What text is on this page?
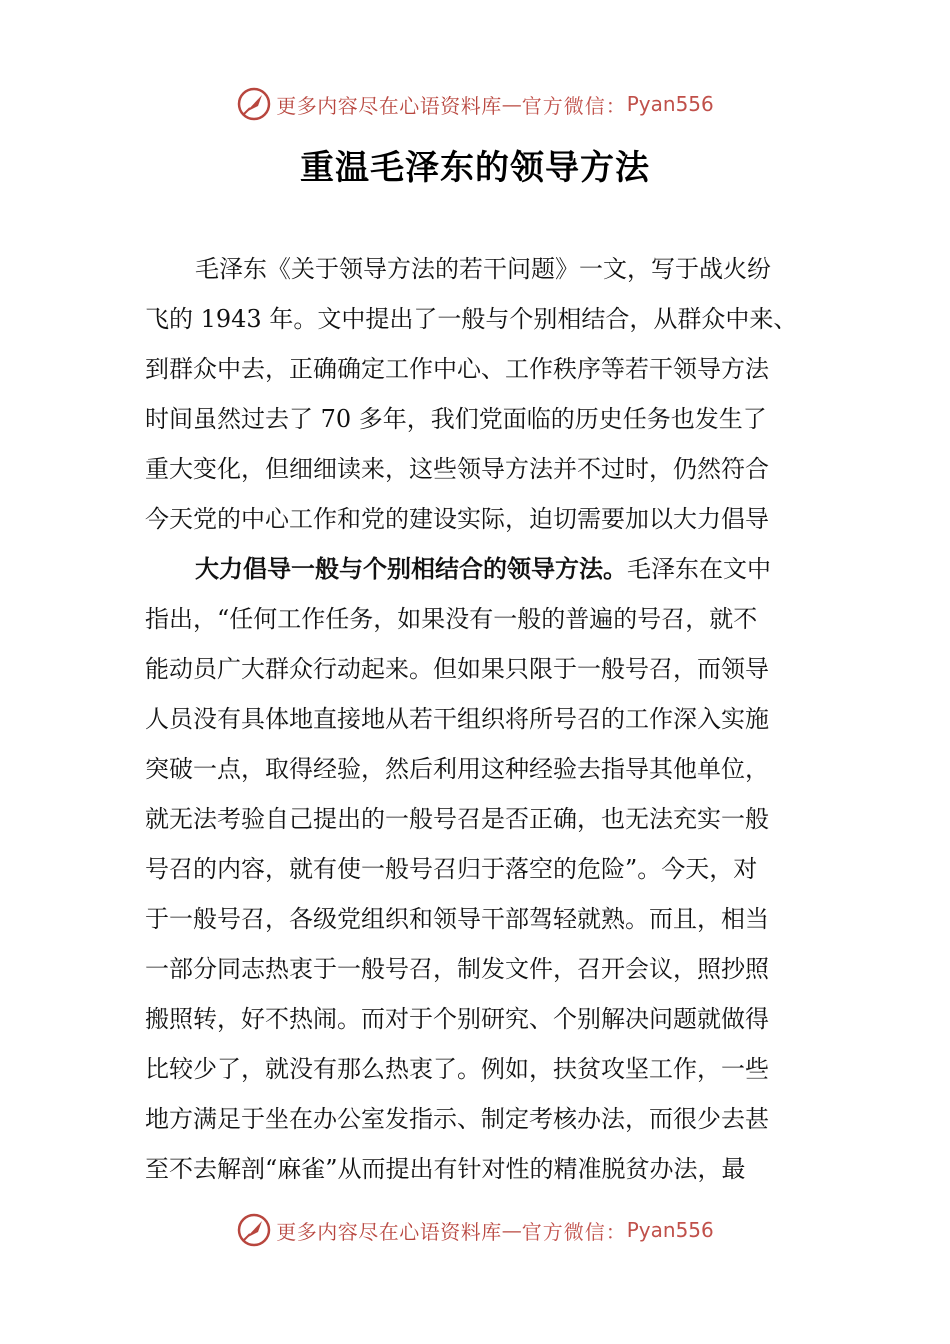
更多内容尽在心语资料库 — 官方微信： Pyan556
重温毛泽东的领导方法
毛泽东《关于领导方法的若干问题》一文，写于战火纷
飞的 1943 年。文中提出了一般与个别相结合，从群众中来、
到群众中去，正确确定工作中心、工作秩序等若干领导方法
时间虽然过去了 70 多年，我们党面临的历史任务也发生了
重大变化，但细细读来，这些领导方法并不过时，仍然符合
今天党的中心工作和党的建设实际，迫切需要加以大力倡导
大力倡导一般与个别相结合的领导方法。毛泽东在文中
指出，“任何工作任务，如果没有一般的普遍的号召，就不
能动员广大群众行动起来。但如果只限于一般号召，而领导
人员没有具体地直接地从若干组织将所号召的工作深入实施
突破一点，取得经验，然后利用这种经验去指导其他单位，
就无法考验自己提出的一般号召是否正确，也无法充实一般
号召的内容，就有使一般号召归于落空的危险”。今天，对
于一般号召，各级党组织和领导干部驾轻就熟。而且，相当
一部分同志热衷于一般号召，制发文件，召开会议，照抄照
搬照转，好不热闹。而对于个别研究、个别解决问题就做得
比较少了，就没有那么热衷了。例如，扶贫攻坚工作，一些
地方满足于坐在办公室发指示、制定考核办法，而很少去甚
至不去解剖“麻雀”从而提出有针对性的精准脱贫办法，最
更多内容尽在心语资料库 — 官方微信： Pyan556
